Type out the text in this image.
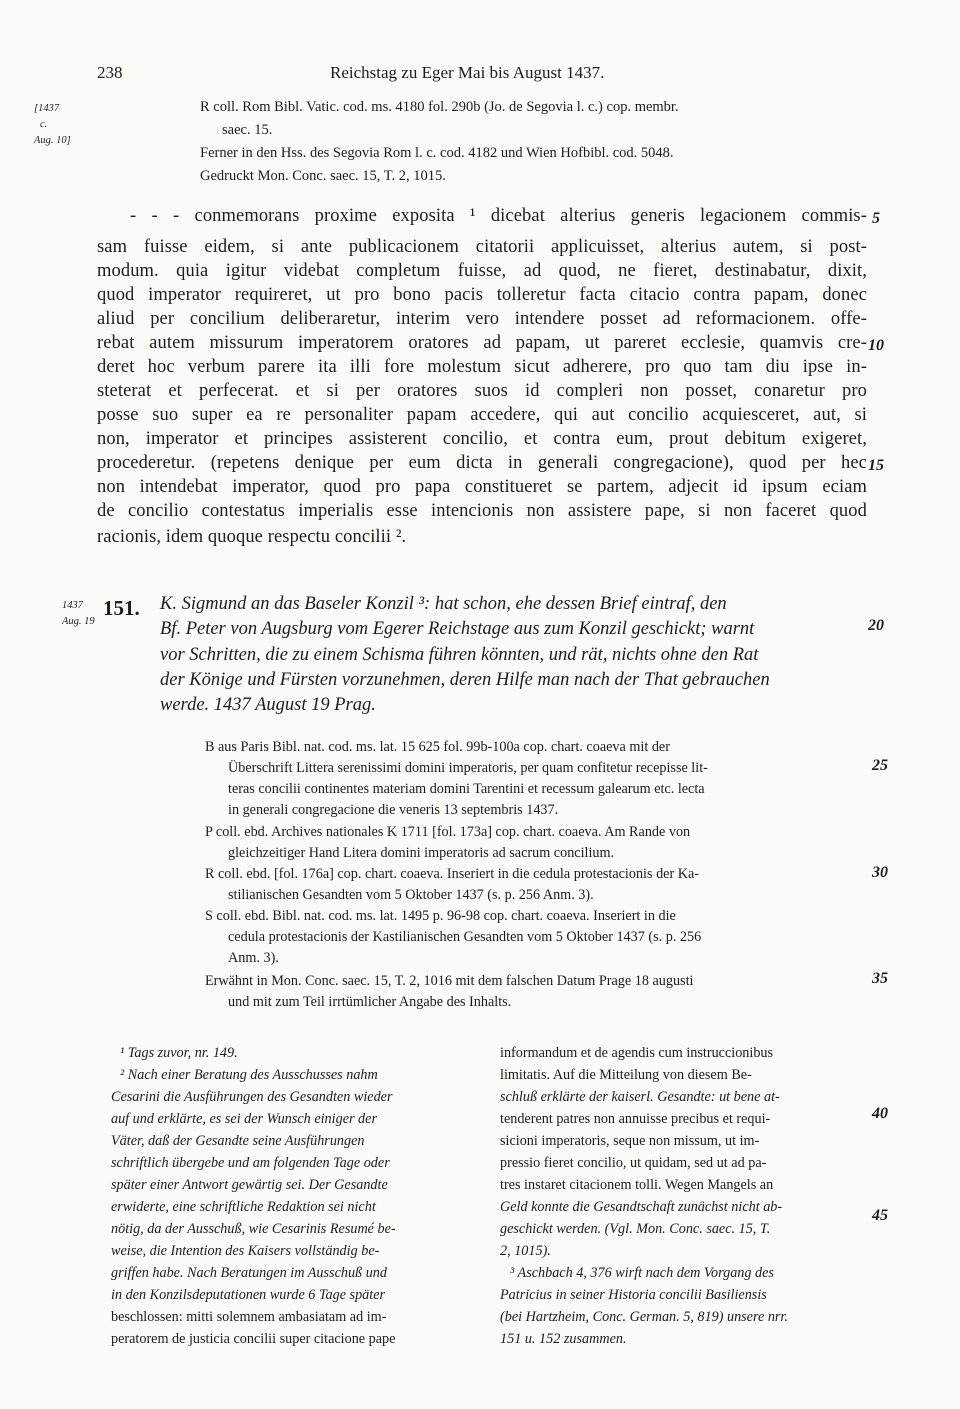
238	Reichstag zu Eger Mai bis August 1437.
[1437
c.
Aug. 10]
R coll. Rom Bibl. Vatic. cod. ms. 4180 fol. 290b (Jo. de Segovia l. c.) cop. membr.
saec. 15.
Ferner in den Hss. des Segovia Rom l. c. cod. 4182 und Wien Hofbibl. cod. 5048.
Gedruckt Mon. Conc. saec. 15, T. 2, 1015.
- - - conmemorans proxime exposita ¹ dicebat alterius generis legacionem commis-
sam fuisse eidem, si ante publicacionem citatorii applicuisset, alterius autem, si post-
modum. quia igitur videbat completum fuisse, ad quod, ne fieret, destinabatur, dixit,
quod imperator requireret, ut pro bono pacis tolleretur facta citacio contra papam, donec
aliud per concilium deliberaretur, interim vero intendere posset ad reformacionem. offe-
rebat autem missurum imperatorem oratores ad papam, ut pareret ecclesie, quamvis cre-
deret hoc verbum parere ita illi fore molestum sicut adherere, pro quo tam diu ipse in-
steterat et perfecerat. et si per oratores suos id compleri non posset, conaretur pro
posse suo super ea re personaliter papam accedere, qui aut concilio acquiesceret, aut, si
non, imperator et principes assisterent concilio, et contra eum, prout debitum exigeret,
procederetur. (repetens denique per eum dicta in generali congregacione), quod per hec
non intendebat imperator, quod pro papa constitueret se partem, adjecit id ipsum eciam
de concilio contestatus imperialis esse intencionis non assistere pape, si non faceret quod
racionis, idem quoque respectu concilii ².
5
10
15
20
25
30
35
40
45
1437
Aug. 19
151. K. Sigmund an das Baseler Konzil ³: hat schon, ehe dessen Brief eintraf, den
Bf. Peter von Augsburg vom Egerer Reichstage aus zum Konzil geschickt; warnt
vor Schritten, die zu einem Schisma führen könnten, und rät, nichts ohne den Rat
der Könige und Fürsten vorzunehmen, deren Hilfe man nach der That gebrauchen
werde. 1437 August 19 Prag.
B aus Paris Bibl. nat. cod. ms. lat. 15 625 fol. 99b-100a cop. chart. coaeva mit der
Überschrift Littera serenissimi domini imperatoris, per quam confitetur recepisse lit-
teras concilii continentes materiam domini Tarentini et recessum galearum etc. lecta
in generali congregacione die veneris 13 septembris 1437.
P coll. ebd. Archives nationales K 1711 [fol. 173a] cop. chart. coaeva. Am Rande von
gleichzeitiger Hand Litera domini imperatoris ad sacrum concilium.
R coll. ebd. [fol. 176a] cop. chart. coaeva. Inseriert in die cedula protestacionis der Ka-
stilianischen Gesandten vom 5 Oktober 1437 (s. p. 256 Anm. 3).
S coll. ebd. Bibl. nat. cod. ms. lat. 1495 p. 96-98 cop. chart. coaeva. Inseriert in die
cedula protestacionis der Kastilianischen Gesandten vom 5 Oktober 1437 (s. p. 256
Anm. 3).
Erwähnt in Mon. Conc. saec. 15, T. 2, 1016 mit dem falschen Datum Prage 18 augusti
und mit zum Teil irrtümlicher Angabe des Inhalts.
¹ Tags zuvor, nr. 149.
² Nach einer Beratung des Ausschusses nahm
Cesarini die Ausführungen des Gesandten wieder
auf und erklärte, es sei der Wunsch einiger der
Väter, daß der Gesandte seine Ausführungen
schriftlich übergebe und am folgenden Tage oder
später einer Antwort gewärtig sei. Der Gesandte
erwiderte, eine schriftliche Redaktion sei nicht
nötig, da der Ausschuß, wie Cesarinis Resumé be-
weise, die Intention des Kaisers vollständig be-
griffen habe. Nach Beratungen im Ausschuß und
in den Konzilsdeputationen wurde 6 Tage später
beschlossen: mitti solemnem ambasiatam ad im-
peratorem de justicia concilii super citacione pape
informandum et de agendis cum instruccionibus
limitatis. Auf die Mitteilung von diesem Be-
schluß erklärte der kaiserl. Gesandte: ut bene at-
tenderent patres non annuisse precibus et requi-
sicioni imperatoris, seque non missum, ut im-
pressio fieret concilio, ut quidam, sed ut ad pa-
tres instaret citacionem tolli. Wegen Mangels an
Geld konnte die Gesandtschaft zunächst nicht ab-
geschickt werden. (Vgl. Mon. Conc. saec. 15, T.
2, 1015).
³ Aschbach 4, 376 wirft nach dem Vorgang des
Patricius in seiner Historia concilii Basiliensis
(bei Hartzheim, Conc. German. 5, 819) unsere nrr.
151 u. 152 zusammen.
